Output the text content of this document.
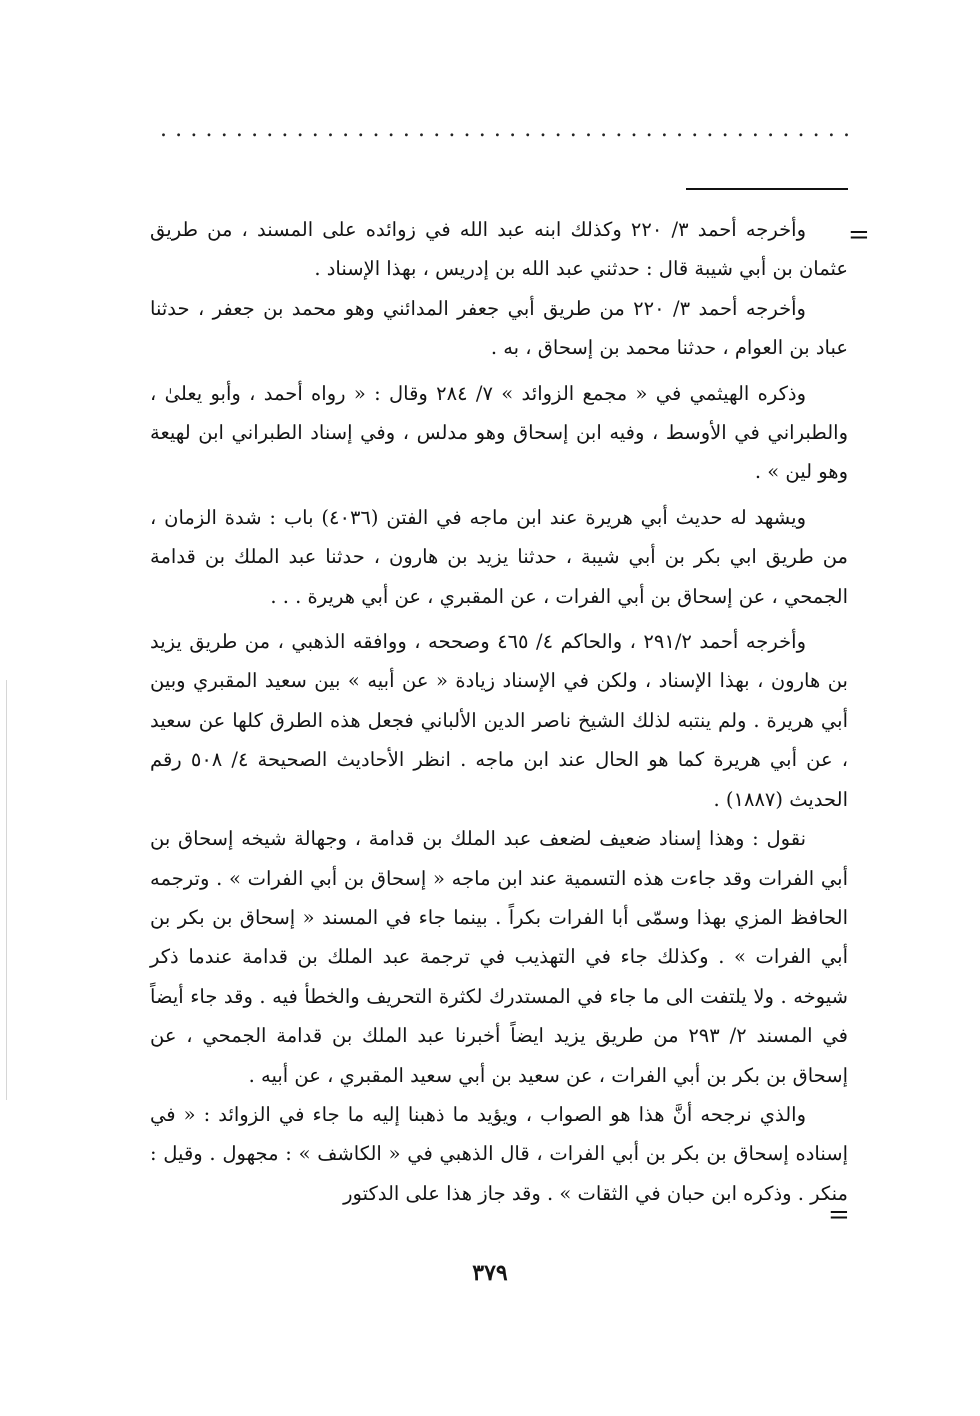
. . . . . . . . . . . . . . . . . . . . . . . . . . . . . . . . . . . . . . . . . . . . . .
=

وأخرجه أحمد ٣/ ٢٢٠ وكذلك ابنه عبد الله في زوائده على المسند ، من طريق عثمان بن أبي شيبة قال : حدثني عبد الله بن إدريس ، بهذا الإسناد .

وأخرجه أحمد ٣/ ٢٢٠ من طريق أبي جعفر المدائني وهو محمد بن جعفر ، حدثنا عباد بن العوام ، حدثنا محمد بن إسحاق ، به .

وذكره الهيثمي في « مجمع الزوائد » ٧/ ٢٨٤ وقال : « رواه أحمد ، وأبو يعلىٰ ، والطبراني في الأوسط ، وفيه ابن إسحاق وهو مدلس ، وفي إسناد الطبراني ابن لهيعة وهو لين » .

ويشهد له حديث أبي هريرة عند ابن ماجه في الفتن (٤٠٣٦) باب : شدة الزمان ، من طريق ابي بكر بن أبي شيبة ، حدثنا يزيد بن هارون ، حدثنا عبد الملك بن قدامة الجمحي ، عن إسحاق بن أبي الفرات ، عن المقبري ، عن أبي هريرة . . .

وأخرجه أحمد ٢٩١/٢ ، والحاكم ٤/ ٤٦٥ وصححه ، ووافقه الذهبي ، من طريق يزيد بن هارون ، بهذا الإسناد ، ولكن في الإسناد زيادة « عن أبيه » بين سعيد المقبري وبين أبي هريرة . ولم ينتبه لذلك الشيخ ناصر الدين الألباني فجعل هذه الطرق كلها عن سعيد ، عن أبي هريرة كما هو الحال عند ابن ماجه . انظر الأحاديث الصحيحة ٤/ ٥٠٨ رقم الحديث (١٨٨٧) .

نقول : وهذا إسناد ضعيف لضعف عبد الملك بن قدامة ، وجهالة شيخه إسحاق بن أبي الفرات وقد جاءت هذه التسمية عند ابن ماجه « إسحاق بن أبي الفرات » . وترجمه الحافظ المزي بهذا وسمّى أبا الفرات بكراً . بينما جاء في المسند « إسحاق بن بكر بن أبي الفرات » . وكذلك جاء في التهذيب في ترجمة عبد الملك بن قدامة عندما ذكر شيوخه . ولا يلتفت الى ما جاء في المستدرك لكثرة التحريف والخطأ فيه . وقد جاء أيضاً في المسند ٢/ ٢٩٣ من طريق يزيد ايضاً أخبرنا عبد الملك بن قدامة الجمحي ، عن إسحاق بن بكر بن أبي الفرات ، عن سعيد بن أبي سعيد المقبري ، عن أبيه .

والذي نرجحه أنَّ هذا هو الصواب ، ويؤيد ما ذهبنا إليه ما جاء في الزوائد : « في إسناده إسحاق بن بكر بن أبي الفرات ، قال الذهبي في « الكاشف » : مجهول . وقيل : منكر . وذكره ابن حبان في الثقات » . وقد جاز هذا على الدكتور

=
٣٧٩
